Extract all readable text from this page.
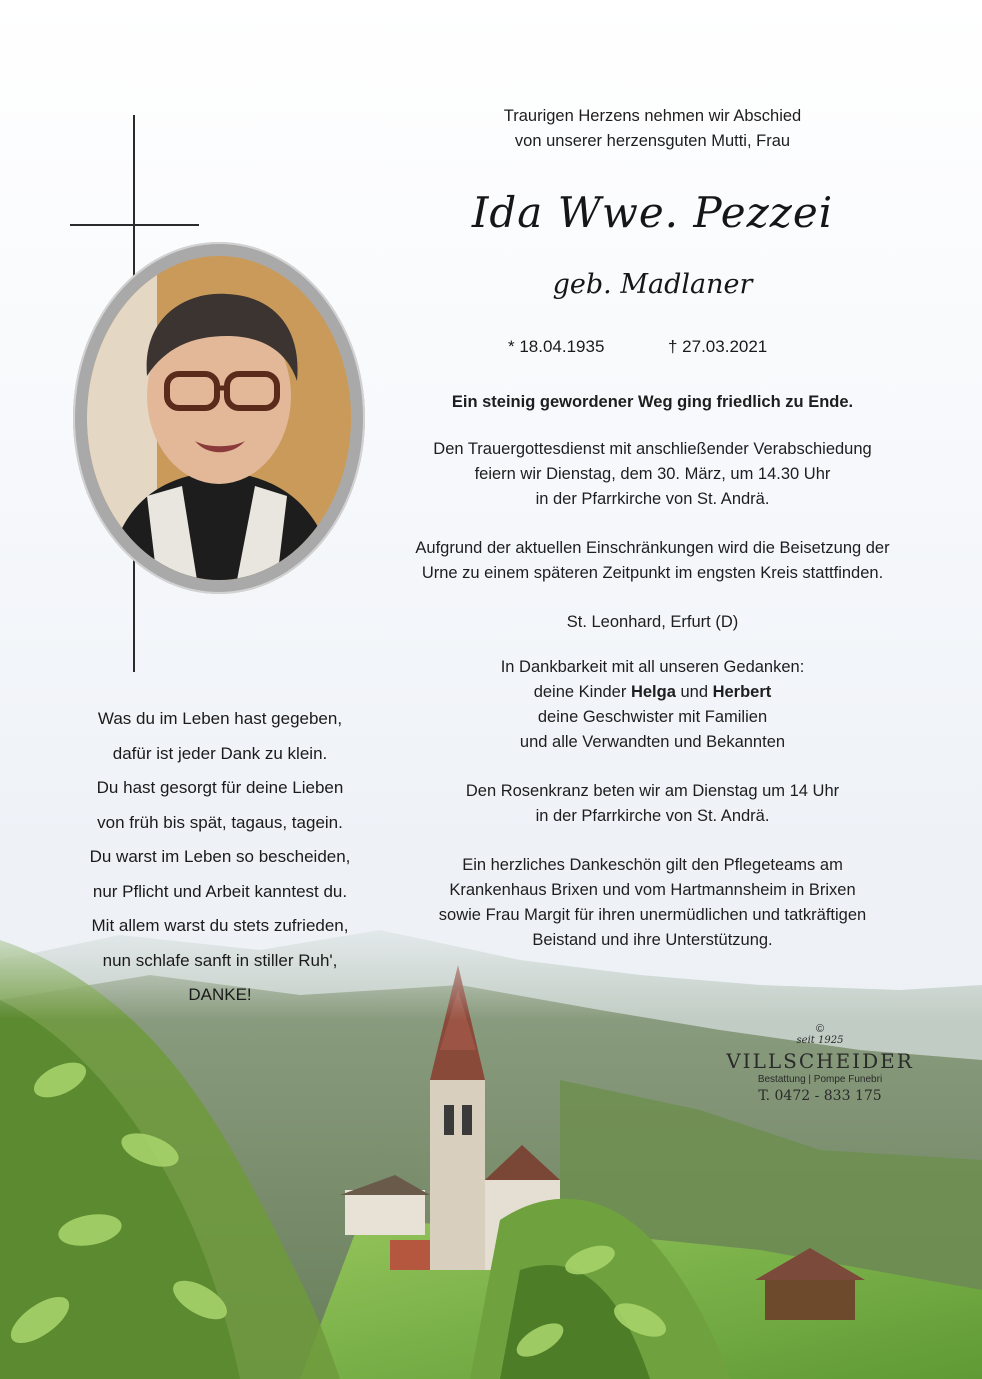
Was du im Leben hast gegeben,
dafür ist jeder Dank zu klein.
Du hast gesorgt für deine Lieben
von früh bis spät, tagaus, tagein.
Du warst im Leben so bescheiden,
nur Pflicht und Arbeit kanntest du.
Mit allem warst du stets zufrieden,
nun schlafe sanft in stiller Ruh',
DANKE!
Traurigen Herzens nehmen wir Abschied
von unserer herzensguten Mutti, Frau
Ida Wwe. Pezzei
geb. Madlaner
* 18.04.1935	† 27.03.2021
Ein steinig gewordener Weg ging friedlich zu Ende.
Den Trauergottesdienst mit anschließender Verabschiedung
feiern wir Dienstag, dem 30. März, um 14.30 Uhr
in der Pfarrkirche von St. Andrä.
Aufgrund der aktuellen Einschränkungen wird die Beisetzung der
Urne zu einem späteren Zeitpunkt im engsten Kreis stattfinden.
St. Leonhard, Erfurt (D)
In Dankbarkeit mit all unseren Gedanken:
deine Kinder Helga und Herbert
deine Geschwister mit Familien
und alle Verwandten und Bekannten
Den Rosenkranz beten wir am Dienstag um 14 Uhr
in der Pfarrkirche von St. Andrä.
Ein herzliches Dankeschön gilt den Pflegeteams am
Krankenhaus Brixen und vom Hartmannsheim in Brixen
sowie Frau Margit für ihren unermüdlichen und tatkräftigen
Beistand und ihre Unterstützung.
©
seit 1925
VILLSCHEIDER
Bestattung | Pompe Funebri
T. 0472 - 833 175
